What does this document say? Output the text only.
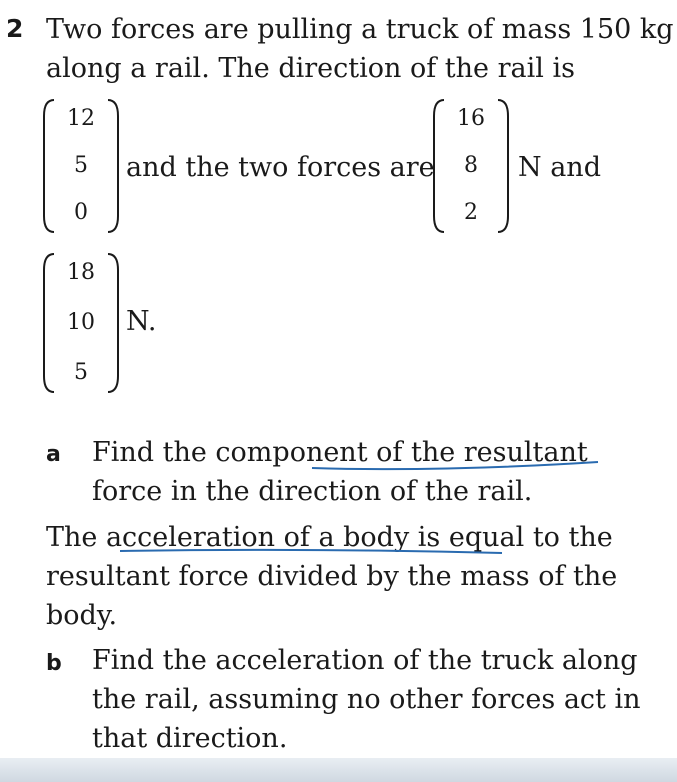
2 Two forces are pulling a truck of mass 150 kg
along a rail. The direction of the rail is
12
5
0
and the two forces are
16
8
2
N and
18
10
5
N.
a Find the component of the resultant
force in the direction of the rail.
The acceleration of a body is equal to the
resultant force divided by the mass of the
body.
b Find the acceleration of the truck along
the rail, assuming no other forces act in
that direction.
